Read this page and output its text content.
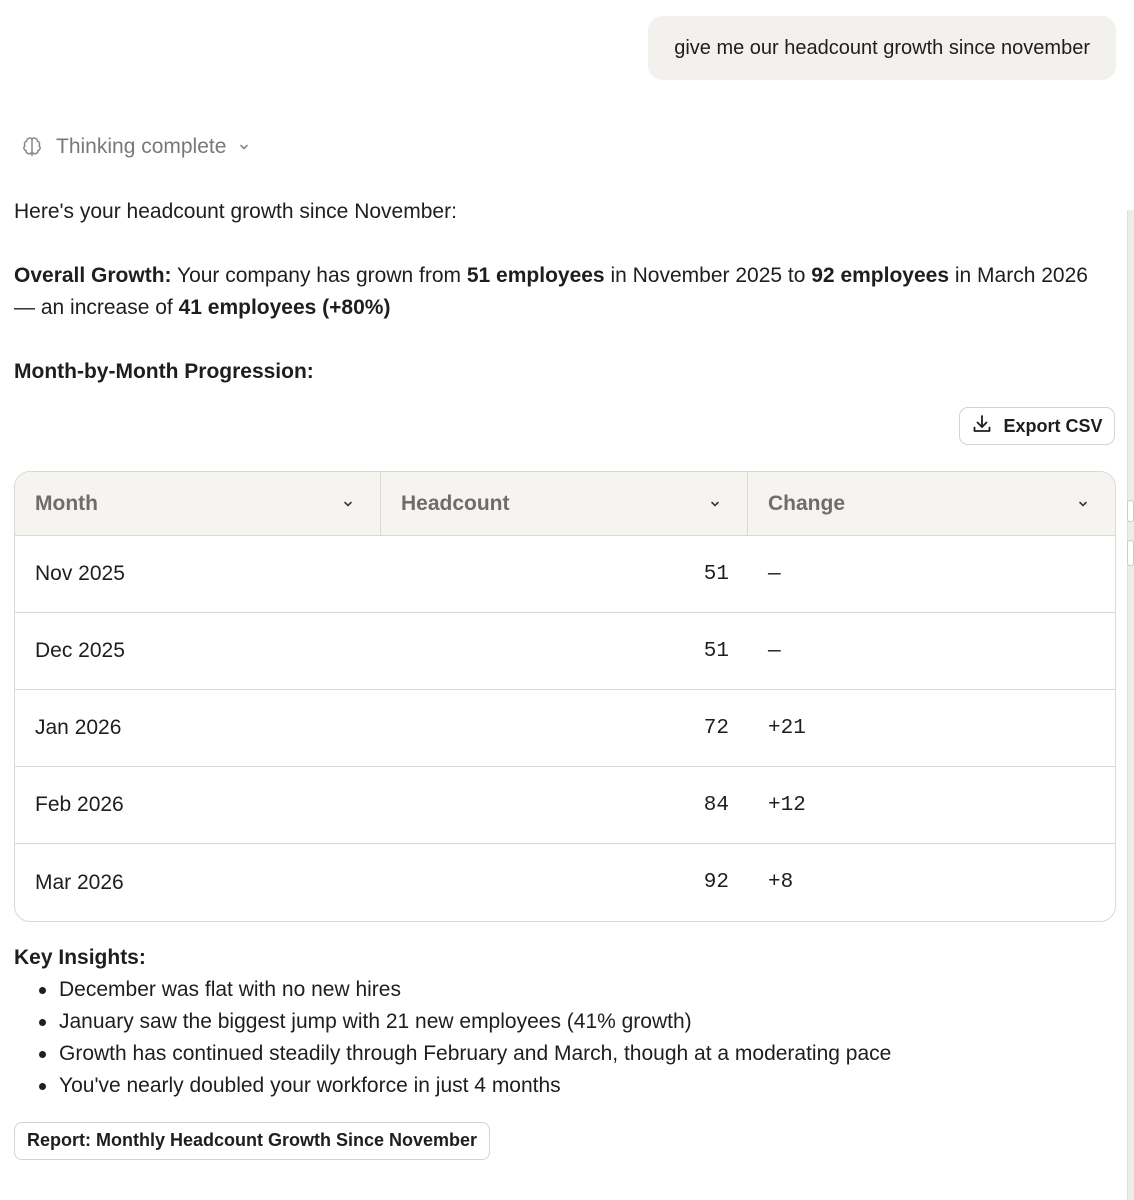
give me our headcount growth since november
Thinking complete

Here's your headcount growth since November:

Overall Growth: Your company has grown from 51 employees in November 2025 to 92 employees in March 2026 — an increase of 41 employees (+80%)

Month-by-Month Progression:

Export CSV
Month	Headcount	Change
Nov 2025	51	—
Dec 2025	51	—
Jan 2026	72	+21
Feb 2026	84	+12
Mar 2026	92	+8
Key Insights:
December was flat with no new hires
January saw the biggest jump with 21 new employees (41% growth)
Growth has continued steadily through February and March, though at a moderating pace
You've nearly doubled your workforce in just 4 months
Report: Monthly Headcount Growth Since November
